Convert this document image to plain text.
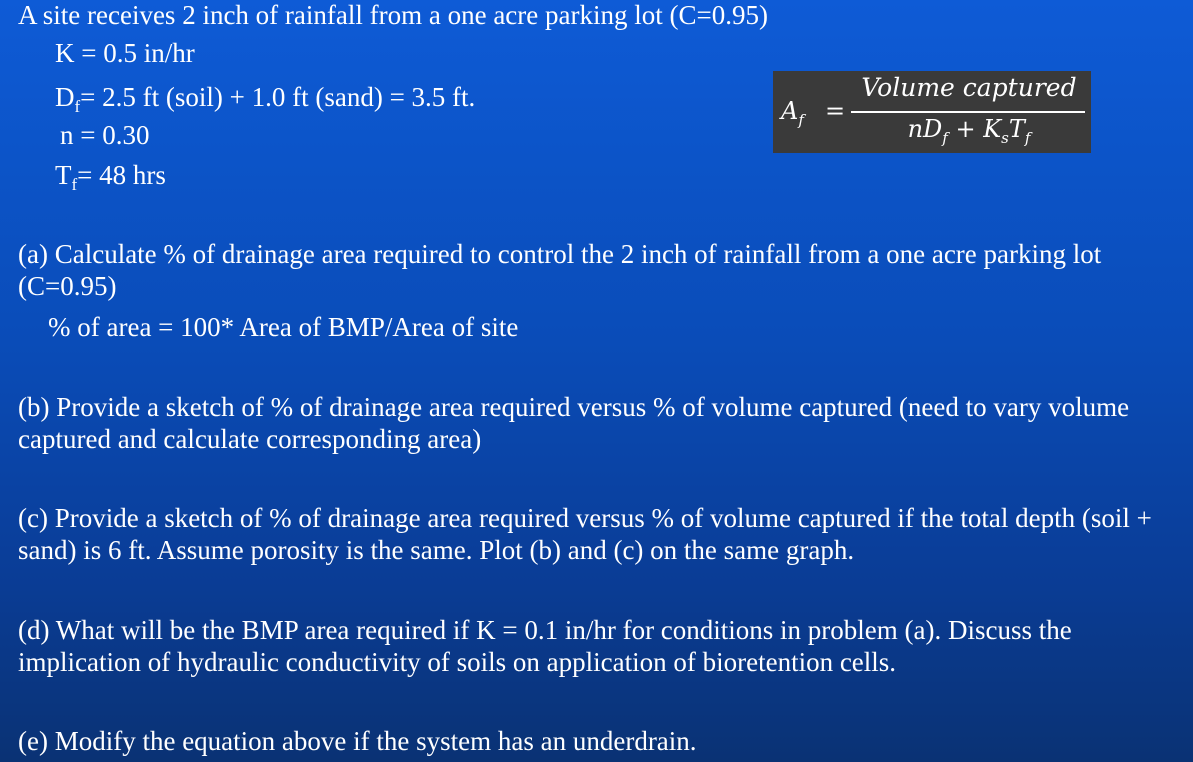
A site receives 2 inch of rainfall from a one acre parking lot (C=0.95)
K = 0.5 in/hr
$D_f= 2.5$ ft (soil) + 1.0 ft (sand) = 3.5 ft.
n = 0.30
$T_f= 48$ hrs
$A_f$ =
Volume captured
$nD_f + K_sT_f$
(a) Calculate % of drainage area required to control the 2 inch of rainfall from a one acre parking lot (C=0.95)
% of area = 100* Area of BMP/Area of site
(b) Provide a sketch of % of drainage area required versus % of volume captured (need to vary volume captured and calculate corresponding area)
(c) Provide a sketch of % of drainage area required versus % of volume captured if the total depth (soil + sand) is 6 ft. Assume porosity is the same. Plot (b) and (c) on the same graph.
(d) What will be the BMP area required if K = 0.1 in/hr for conditions in problem (a). Discuss the implication of hydraulic conductivity of soils on application of bioretention cells.
(e) Modify the equation above if the system has an underdrain.
